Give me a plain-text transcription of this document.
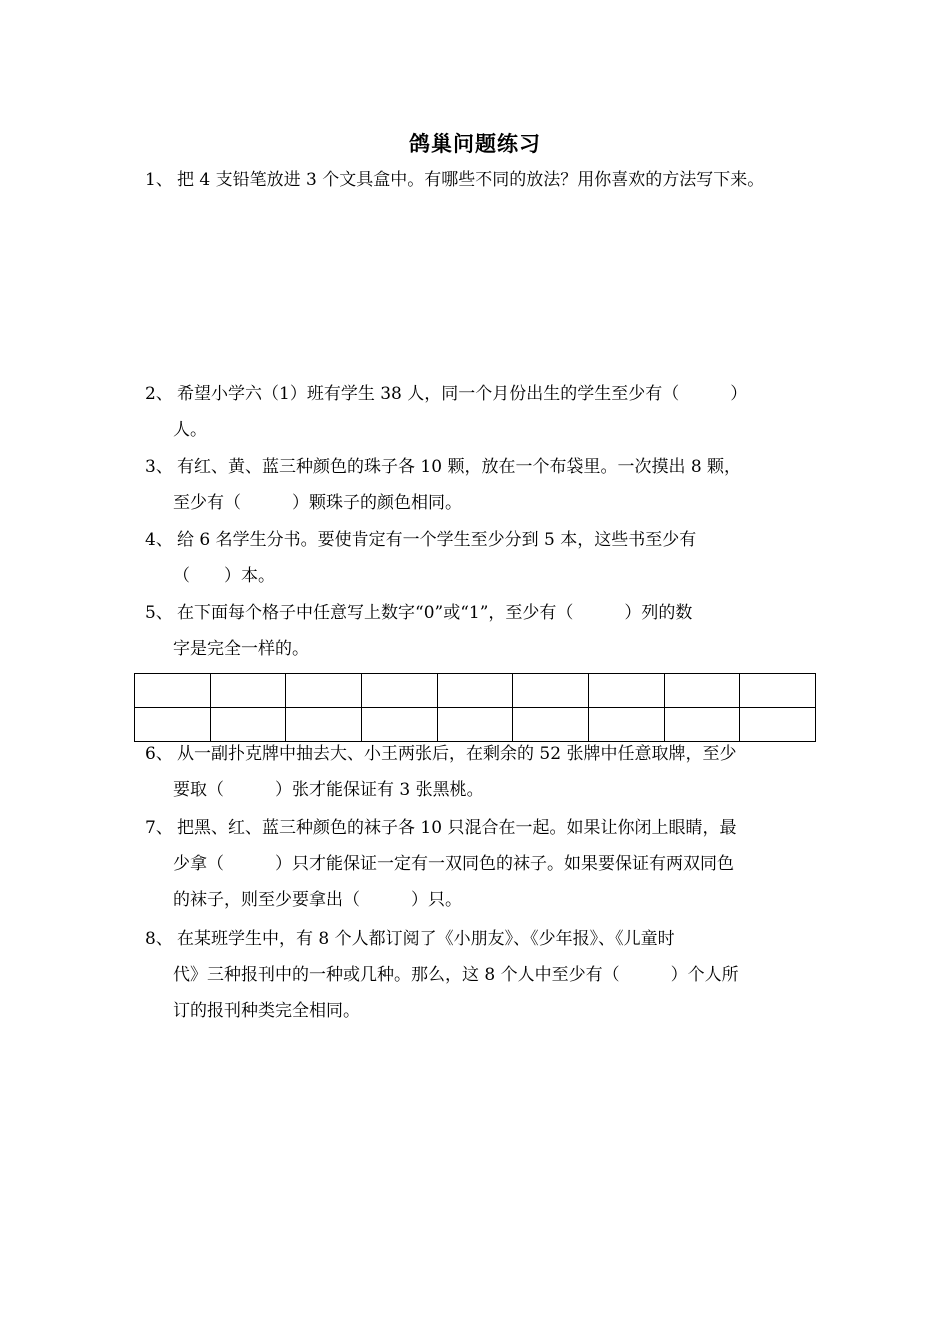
鸽巢问题练习
1、 把 4 支铅笔放进 3 个文具盒中。有哪些不同的放法？用你喜欢的方法写下来。
2、 希望小学六（1）班有学生 38 人，同一个月份出生的学生至少有（　　　）
人。
3、 有红、黄、蓝三种颜色的珠子各 10 颗，放在一个布袋里。一次摸出 8 颗，
至少有（　　　）颗珠子的颜色相同。
4、 给 6 名学生分书。要使肯定有一个学生至少分到 5 本，这些书至少有
（　　）本。
5、 在下面每个格子中任意写上数字“0”或“1”，至少有（　　　）列的数
字是完全一样的。

6、 从一副扑克牌中抽去大、小王两张后，在剩余的 52 张牌中任意取牌，至少
要取（　　　）张才能保证有 3 张黑桃。
7、 把黑、红、蓝三种颜色的袜子各 10 只混合在一起。如果让你闭上眼睛，最
少拿（　　　）只才能保证一定有一双同色的袜子。如果要保证有两双同色
的袜子，则至少要拿出（　　　）只。
8、 在某班学生中，有 8 个人都订阅了《小朋友》、《少年报》、《儿童时
代》三种报刊中的一种或几种。那么，这 8 个人中至少有（　　　）个人所
订的报刊种类完全相同。
